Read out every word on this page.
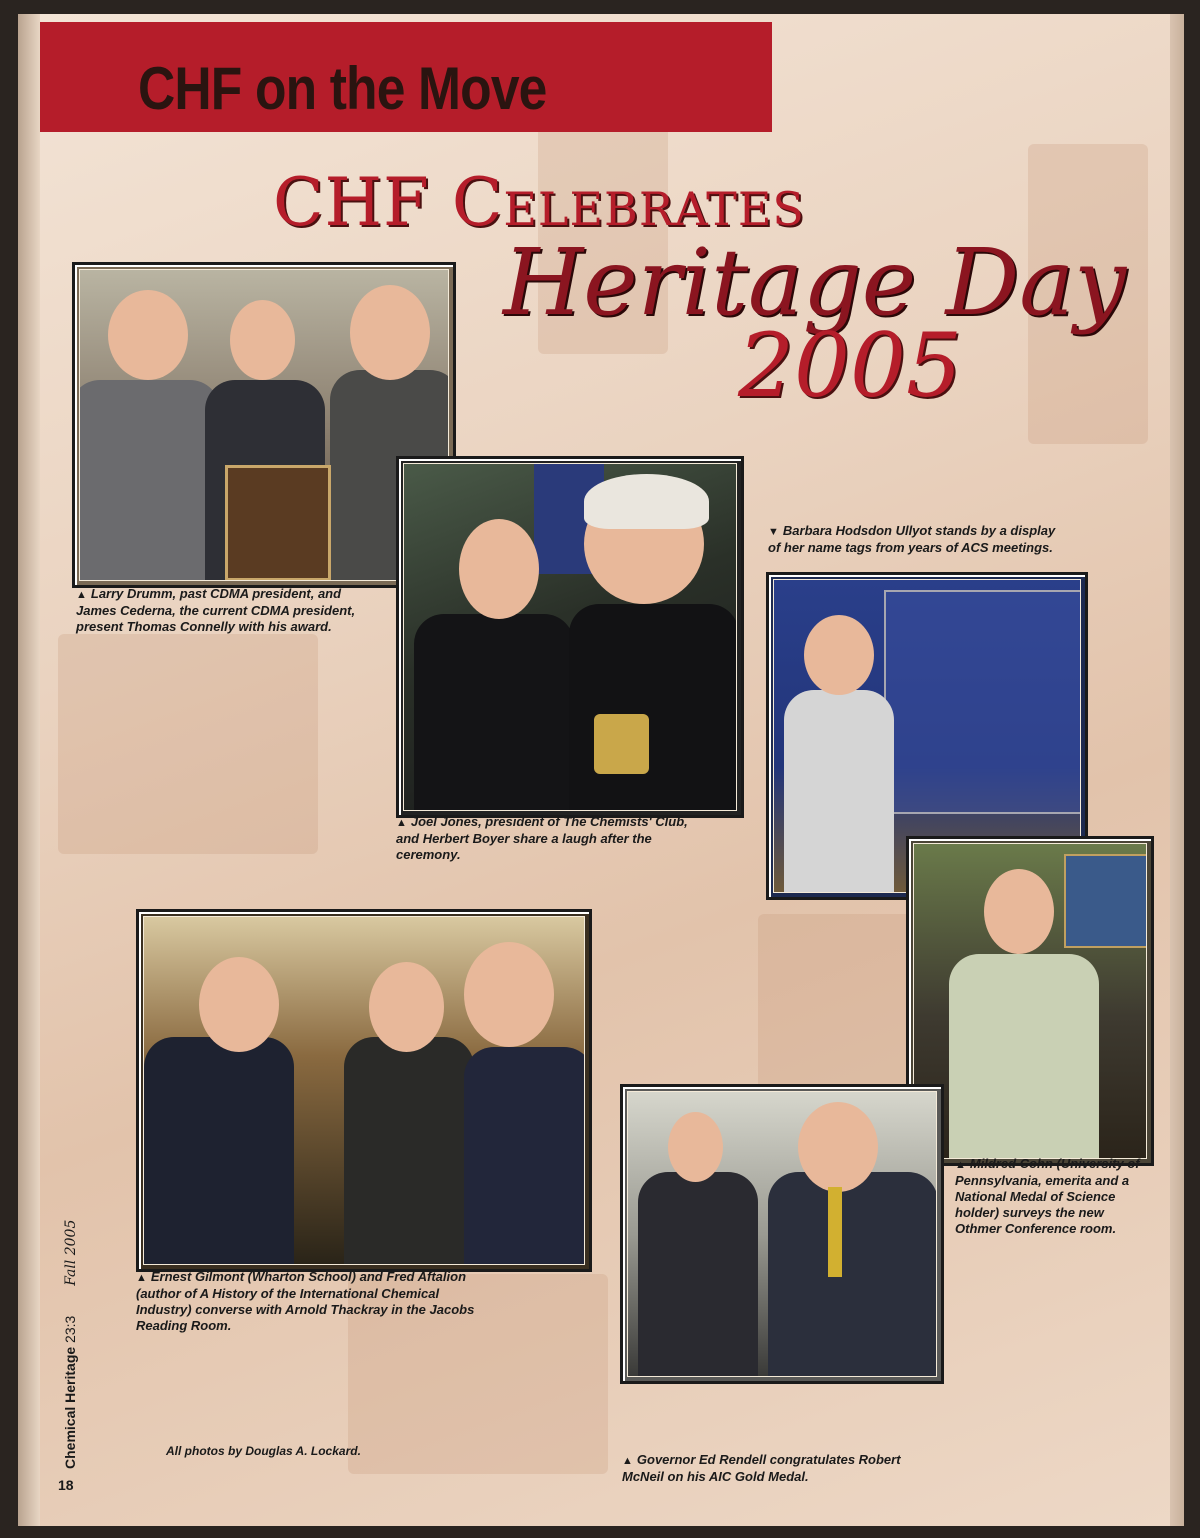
CHF on the Move
CHF Celebrates
Heritage Day
2005
▲ Larry Drumm, past CDMA president, and James Cederna, the current CDMA president, present Thomas Connelly with his award.
▲ Joel Jones, president of The Chemists' Club, and Herbert Boyer share a laugh after the ceremony.
▼ Barbara Hodsdon Ullyot stands by a display of her name tags from years of ACS meetings.
▲ Mildred Cohn (University of Pennsylvania, emerita and a National Medal of Science holder) surveys the new Othmer Conference room.
▲ Ernest Gilmont (Wharton School) and Fred Aftalion (author of A History of the International Chemical Industry) converse with Arnold Thackray in the Jacobs Reading Room.
▲ Governor Ed Rendell congratulates Robert McNeil on his AIC Gold Medal.
All photos by Douglas A. Lockard.
18
Chemical Heritage 23:3 Fall 2005
